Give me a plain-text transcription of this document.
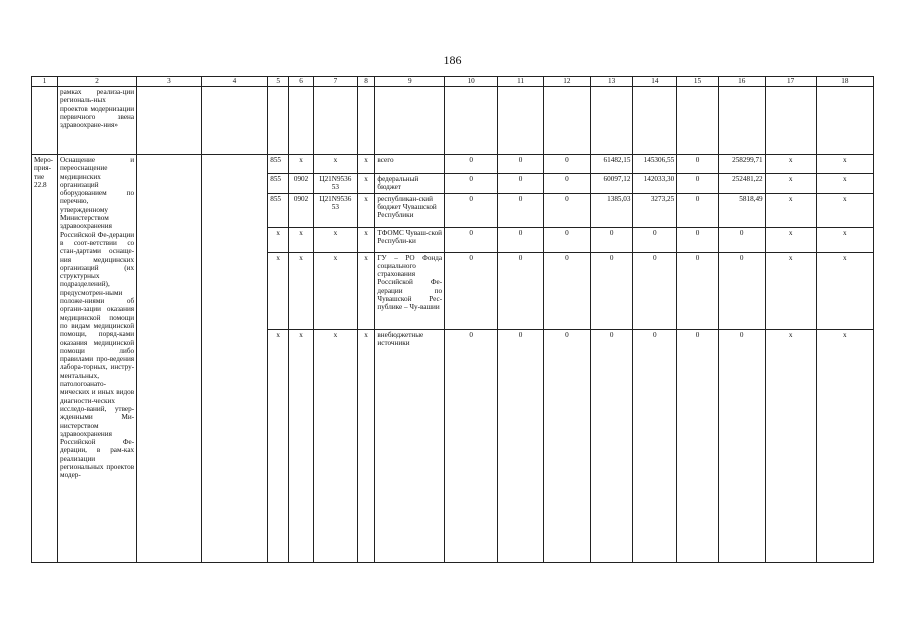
186
1	2	3	4	5	6	7	8	9	10	11	12	13	14	15	16	17	18
	рамках реализа-ции региональ-ных проектов модернизации первичного звена здравоохране-ния»																
Меро-прия-тие 22.8	Оснащение и переоснащение медицинских организаций оборудованием по перечню, утвержденному Министерством здравоохранения Российской Фе-дерации в соот-ветствии со стан-дартами оснаще-ния медицинских организаций (их структурных подразделений), предусмотрен-ными положе-ниями об органи-зации оказания медицинской помощи по видам медицинской помощи, поряд-ками оказания медицинской помощи либо правилами про-ведения лабора-торных, инстру-ментальных, патологоанато-мических и иных видов диагности-ческих исследо-ваний, утвер-жденными Ми-нистерством здравоохранения Российской Фе-дерации, в рам-ках реализации региональных проектов модер-			855	х	х	х	всего	0	0	0	61482,15	145306,55	0	258299,71	х	х
				855	0902	Ц21N9536 53	х	федеральный бюджет	0	0	0	60097,12	142033,30	0	252481,22	х	х
				855	0902	Ц21N9536 53	х	республикан-ский бюджет Чувашской Республики	0	0	0	1385,03	3273,25	0	5818,49	х	х
				х	х	х	х	ТФОМС Чуваш-ской Республи-ки	0	0	0	0	0	0	0	х	х
				х	х	х	х	ГУ – РО Фонда социального страхования Российской Фе-дерации по Чувашской Рес-публике – Чу-вашии	0	0	0	0	0	0	0	х	х
				х	х	х	х	внебюджетные источники	0	0	0	0	0	0	0	х	х
